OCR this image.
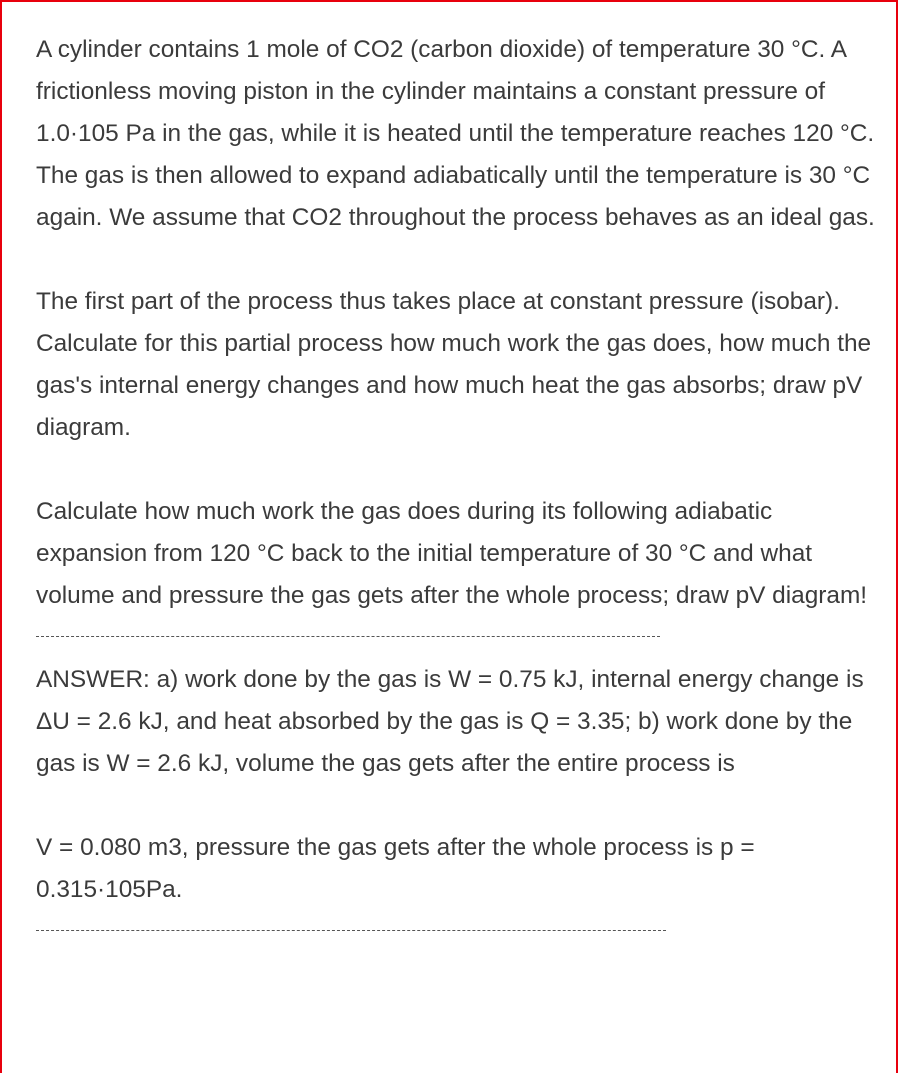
A cylinder contains 1 mole of CO2 (carbon dioxide) of temperature 30 °C. A frictionless moving piston in the cylinder maintains a constant pressure of 1.0·105 Pa in the gas, while it is heated until the temperature reaches 120 °C. The gas is then allowed to expand adiabatically until the temperature is 30 °C again. We assume that CO2 throughout the process behaves as an ideal gas.

The first part of the process thus takes place at constant pressure (isobar). Calculate for this partial process how much work the gas does, how much the gas's internal energy changes and how much heat the gas absorbs; draw pV diagram.

Calculate how much work the gas does during its following adiabatic expansion from 120 °C back to the initial temperature of 30 °C and what volume and pressure the gas gets after the whole process; draw pV diagram!

ANSWER: a) work done by the gas is W = 0.75 kJ, internal energy change is ΔU = 2.6 kJ, and heat absorbed by the gas is Q = 3.35; b) work done by the gas is W = 2.6 kJ, volume the gas gets after the entire process is

V = 0.080 m3, pressure the gas gets after the whole process is p = 0.315·105Pa.
